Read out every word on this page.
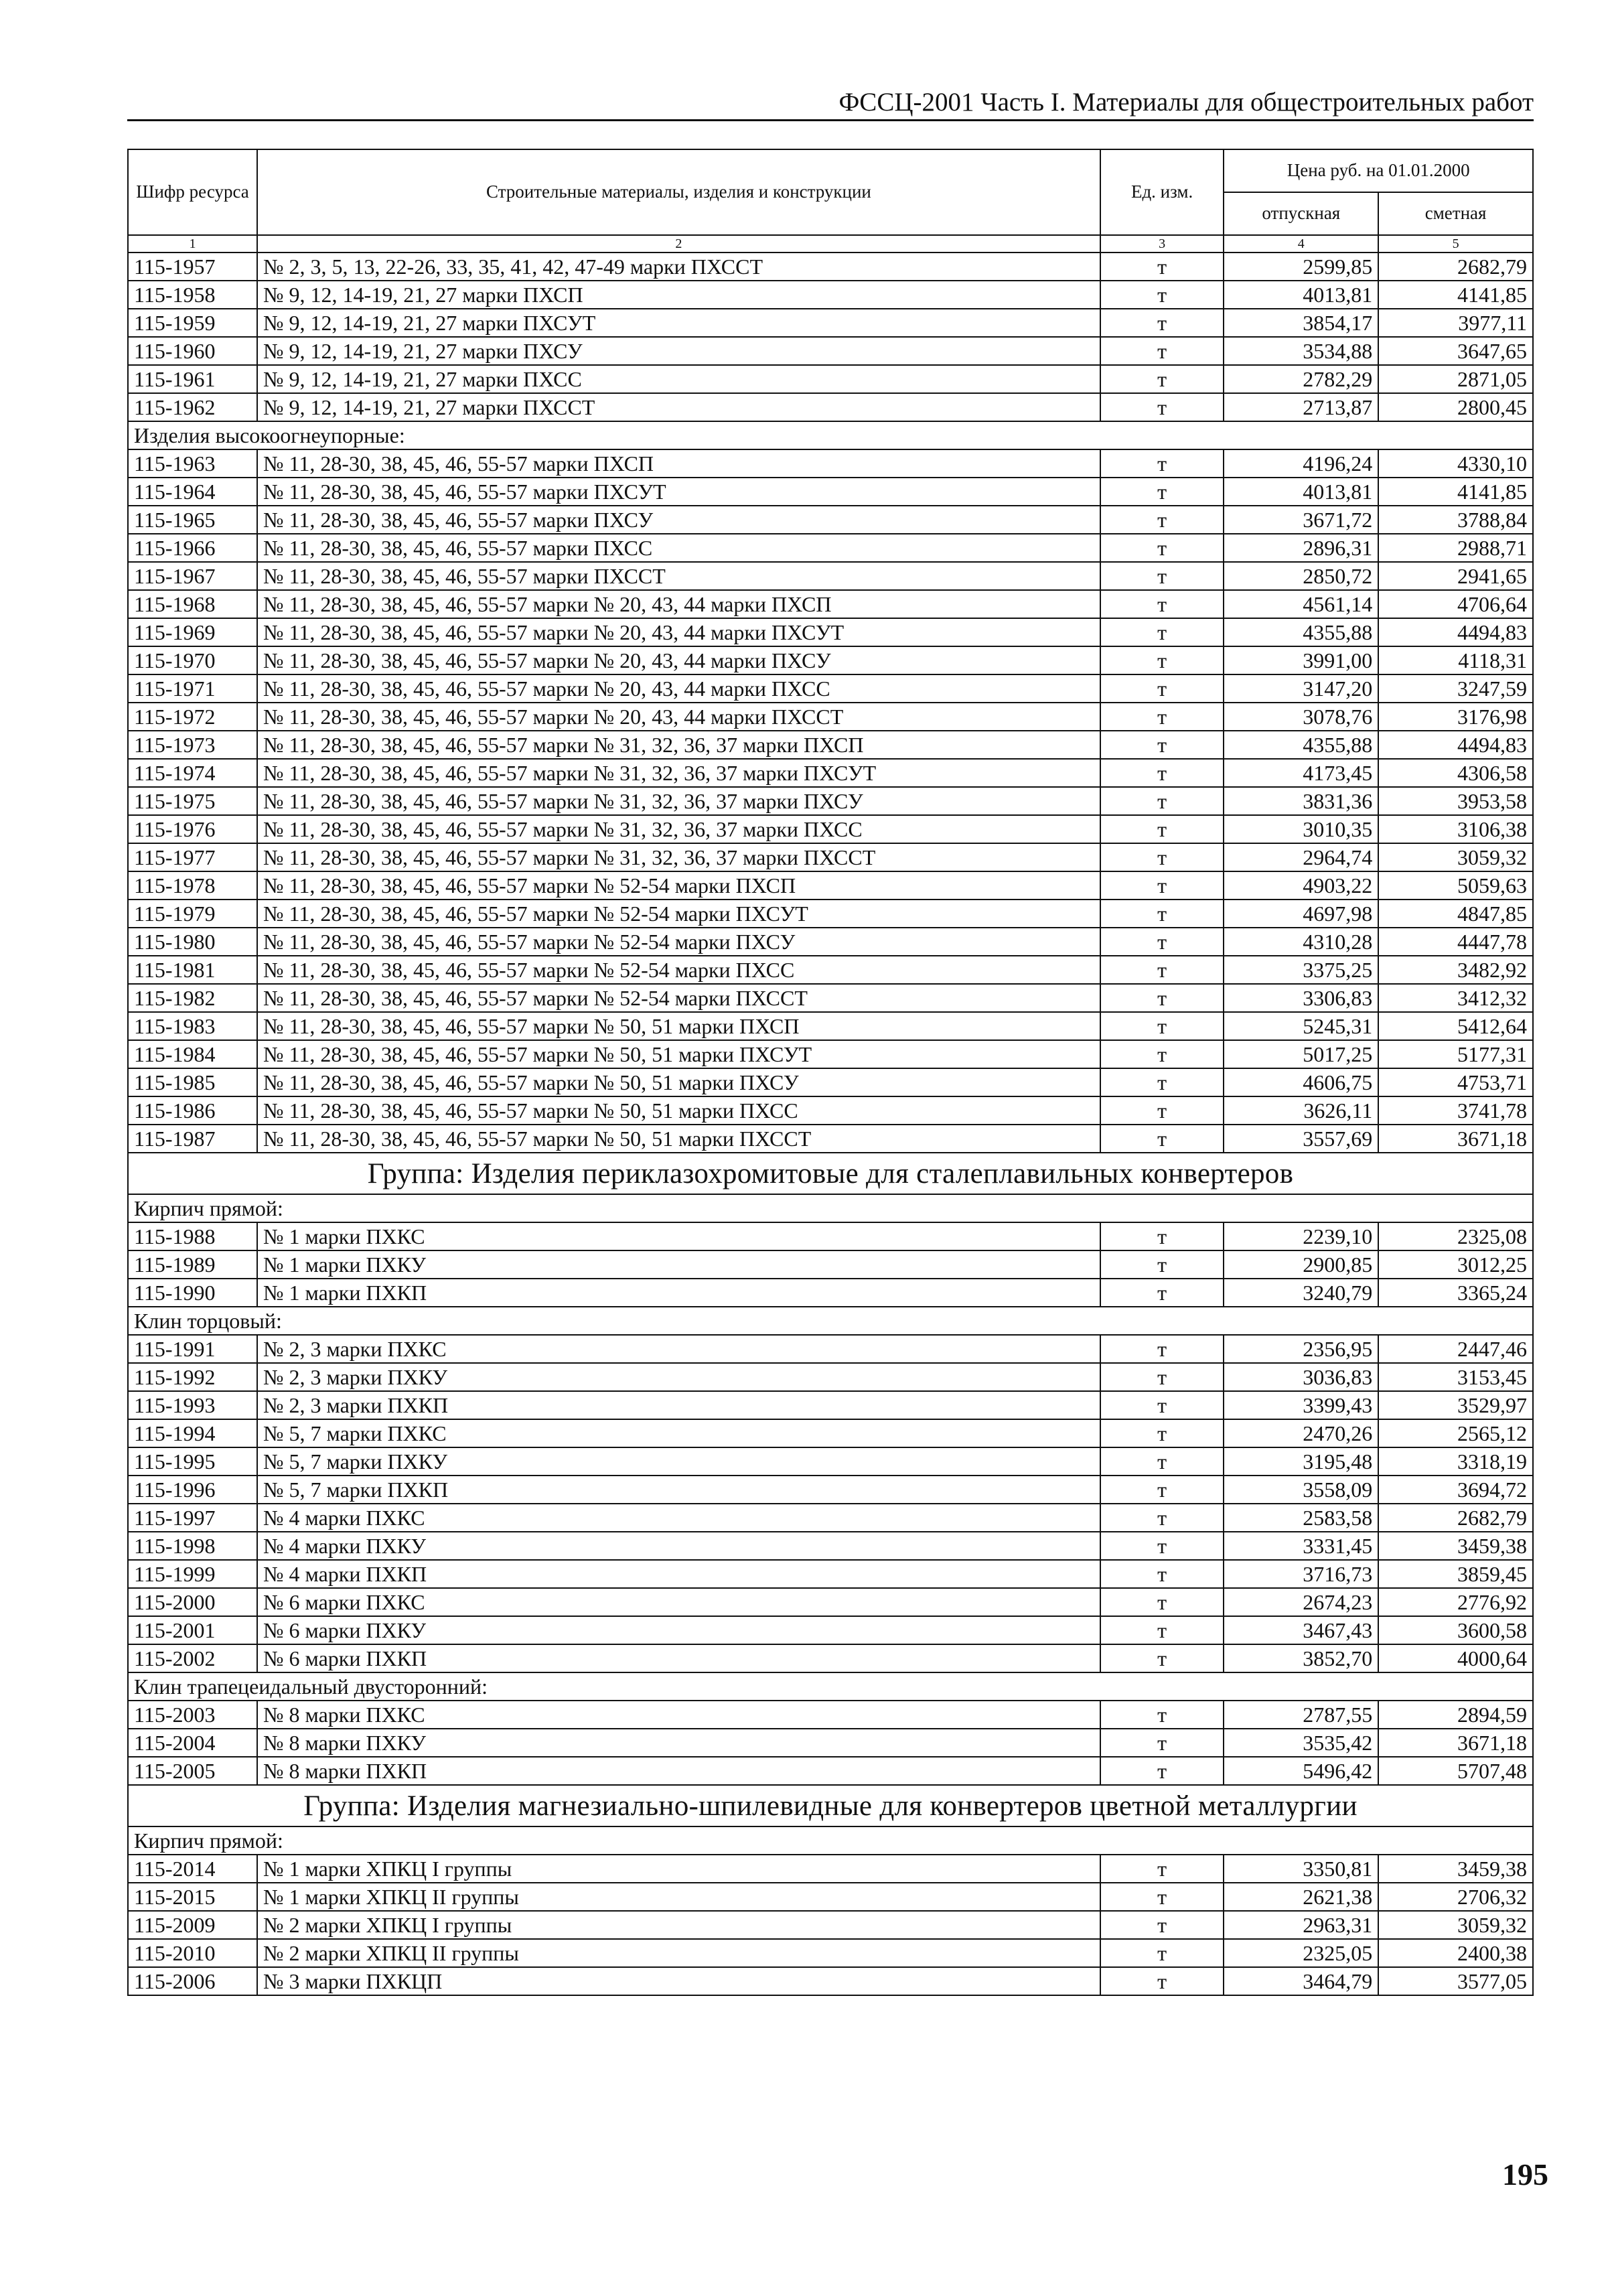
ФССЦ-2001 Часть I. Материалы для общестроительных работ
Шифр ресурса	Строительные материалы, изделия и конструкции	Ед. изм.	Цена руб. на 01.01.2000	
			отпускная	сметная
1	2	3	4	5
115-1957	№ 2, 3, 5, 13, 22-26, 33, 35, 41, 42, 47-49 марки ПХССТ	т	2599,85	2682,79
115-1958	№ 9, 12, 14-19, 21, 27 марки ПХСП	т	4013,81	4141,85
115-1959	№ 9, 12, 14-19, 21, 27 марки ПХСУТ	т	3854,17	3977,11
115-1960	№ 9, 12, 14-19, 21, 27 марки ПХСУ	т	3534,88	3647,65
115-1961	№ 9, 12, 14-19, 21, 27 марки ПХСС	т	2782,29	2871,05
115-1962	№ 9, 12, 14-19, 21, 27 марки ПХССТ	т	2713,87	2800,45
Изделия высокоогнеупорные:				
115-1963	№ 11, 28-30, 38, 45, 46, 55-57 марки ПХСП	т	4196,24	4330,10
115-1964	№ 11, 28-30, 38, 45, 46, 55-57 марки ПХСУТ	т	4013,81	4141,85
115-1965	№ 11, 28-30, 38, 45, 46, 55-57 марки ПХСУ	т	3671,72	3788,84
115-1966	№ 11, 28-30, 38, 45, 46, 55-57 марки ПХСС	т	2896,31	2988,71
115-1967	№ 11, 28-30, 38, 45, 46, 55-57 марки ПХССТ	т	2850,72	2941,65
115-1968	№ 11, 28-30, 38, 45, 46, 55-57 марки № 20, 43, 44 марки ПХСП	т	4561,14	4706,64
115-1969	№ 11, 28-30, 38, 45, 46, 55-57 марки № 20, 43, 44 марки ПХСУТ	т	4355,88	4494,83
115-1970	№ 11, 28-30, 38, 45, 46, 55-57 марки № 20, 43, 44 марки ПХСУ	т	3991,00	4118,31
115-1971	№ 11, 28-30, 38, 45, 46, 55-57 марки № 20, 43, 44 марки ПХСС	т	3147,20	3247,59
115-1972	№ 11, 28-30, 38, 45, 46, 55-57 марки № 20, 43, 44 марки ПХССТ	т	3078,76	3176,98
115-1973	№ 11, 28-30, 38, 45, 46, 55-57 марки № 31, 32, 36, 37 марки ПХСП	т	4355,88	4494,83
115-1974	№ 11, 28-30, 38, 45, 46, 55-57 марки № 31, 32, 36, 37 марки ПХСУТ	т	4173,45	4306,58
115-1975	№ 11, 28-30, 38, 45, 46, 55-57 марки № 31, 32, 36, 37 марки ПХСУ	т	3831,36	3953,58
115-1976	№ 11, 28-30, 38, 45, 46, 55-57 марки № 31, 32, 36, 37 марки ПХСС	т	3010,35	3106,38
115-1977	№ 11, 28-30, 38, 45, 46, 55-57 марки № 31, 32, 36, 37 марки ПХССТ	т	2964,74	3059,32
115-1978	№ 11, 28-30, 38, 45, 46, 55-57 марки № 52-54 марки ПХСП	т	4903,22	5059,63
115-1979	№ 11, 28-30, 38, 45, 46, 55-57 марки № 52-54 марки ПХСУТ	т	4697,98	4847,85
115-1980	№ 11, 28-30, 38, 45, 46, 55-57 марки № 52-54 марки ПХСУ	т	4310,28	4447,78
115-1981	№ 11, 28-30, 38, 45, 46, 55-57 марки № 52-54 марки ПХСС	т	3375,25	3482,92
115-1982	№ 11, 28-30, 38, 45, 46, 55-57 марки № 52-54 марки ПХССТ	т	3306,83	3412,32
115-1983	№ 11, 28-30, 38, 45, 46, 55-57 марки № 50, 51 марки ПХСП	т	5245,31	5412,64
115-1984	№ 11, 28-30, 38, 45, 46, 55-57 марки № 50, 51 марки ПХСУТ	т	5017,25	5177,31
115-1985	№ 11, 28-30, 38, 45, 46, 55-57 марки № 50, 51 марки ПХСУ	т	4606,75	4753,71
115-1986	№ 11, 28-30, 38, 45, 46, 55-57 марки № 50, 51 марки ПХСС	т	3626,11	3741,78
115-1987	№ 11, 28-30, 38, 45, 46, 55-57 марки № 50, 51 марки ПХССТ	т	3557,69	3671,18
Группа: Изделия периклазохромитовые для сталеплавильных конвертеров				
Кирпич прямой:				
115-1988	№ 1 марки ПХКС	т	2239,10	2325,08
115-1989	№ 1 марки ПХКУ	т	2900,85	3012,25
115-1990	№ 1 марки ПХКП	т	3240,79	3365,24
Клин торцовый:				
115-1991	№ 2, 3 марки ПХКС	т	2356,95	2447,46
115-1992	№ 2, 3 марки ПХКУ	т	3036,83	3153,45
115-1993	№ 2, 3 марки ПХКП	т	3399,43	3529,97
115-1994	№ 5, 7 марки ПХКС	т	2470,26	2565,12
115-1995	№ 5, 7 марки ПХКУ	т	3195,48	3318,19
115-1996	№ 5, 7 марки ПХКП	т	3558,09	3694,72
115-1997	№ 4 марки ПХКС	т	2583,58	2682,79
115-1998	№ 4 марки ПХКУ	т	3331,45	3459,38
115-1999	№ 4 марки ПХКП	т	3716,73	3859,45
115-2000	№ 6 марки ПХКС	т	2674,23	2776,92
115-2001	№ 6 марки ПХКУ	т	3467,43	3600,58
115-2002	№ 6 марки ПХКП	т	3852,70	4000,64
Клин трапецеидальный двусторонний:				
115-2003	№ 8 марки ПХКС	т	2787,55	2894,59
115-2004	№ 8 марки ПХКУ	т	3535,42	3671,18
115-2005	№ 8 марки ПХКП	т	5496,42	5707,48
Группа: Изделия магнезиально-шпилевидные для конвертеров цветной металлургии				
Кирпич прямой:				
115-2014	№ 1 марки ХПКЦ I группы	т	3350,81	3459,38
115-2015	№ 1 марки ХПКЦ II группы	т	2621,38	2706,32
115-2009	№ 2 марки ХПКЦ I группы	т	2963,31	3059,32
115-2010	№ 2 марки ХПКЦ II группы	т	2325,05	2400,38
115-2006	№ 3 марки ПХКЦП	т	3464,79	3577,05
195
